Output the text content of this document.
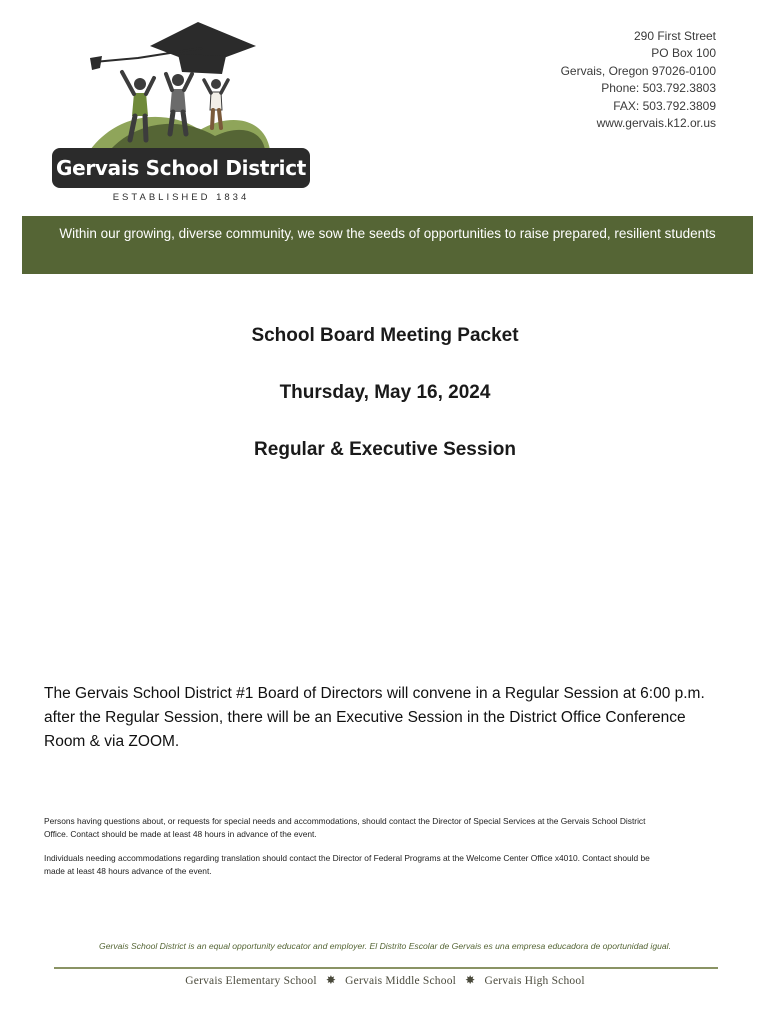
Gervais School District
ESTABLISHED 1834
290 First Street
PO Box 100
Gervais, Oregon 97026-0100
Phone: 503.792.3803
FAX: 503.792.3809
www.gervais.k12.or.us
Within our growing, diverse community, we sow the seeds of opportunities to raise prepared, resilient students
School Board Meeting Packet
Thursday, May 16, 2024
Regular & Executive Session
The Gervais School District #1 Board of Directors will convene in a Regular Session at 6:00 p.m.
after the Regular Session, there will be an Executive Session in the District Office Conference
Room & via ZOOM.
Persons having questions about, or requests for special needs and accommodations, should contact the Director of Special Services at the Gervais School District
Office. Contact should be made at least 48 hours in advance of the event.
Individuals needing accommodations regarding translation should contact the Director of Federal Programs at the Welcome Center Office x4010. Contact should be
made at least 48 hours advance of the event.
Gervais School District is an equal opportunity educator and employer. El Distrito Escolar de Gervais es una empresa educadora de oportunidad igual.
Gervais Elementary School ✸ Gervais Middle School ✸ Gervais High School
